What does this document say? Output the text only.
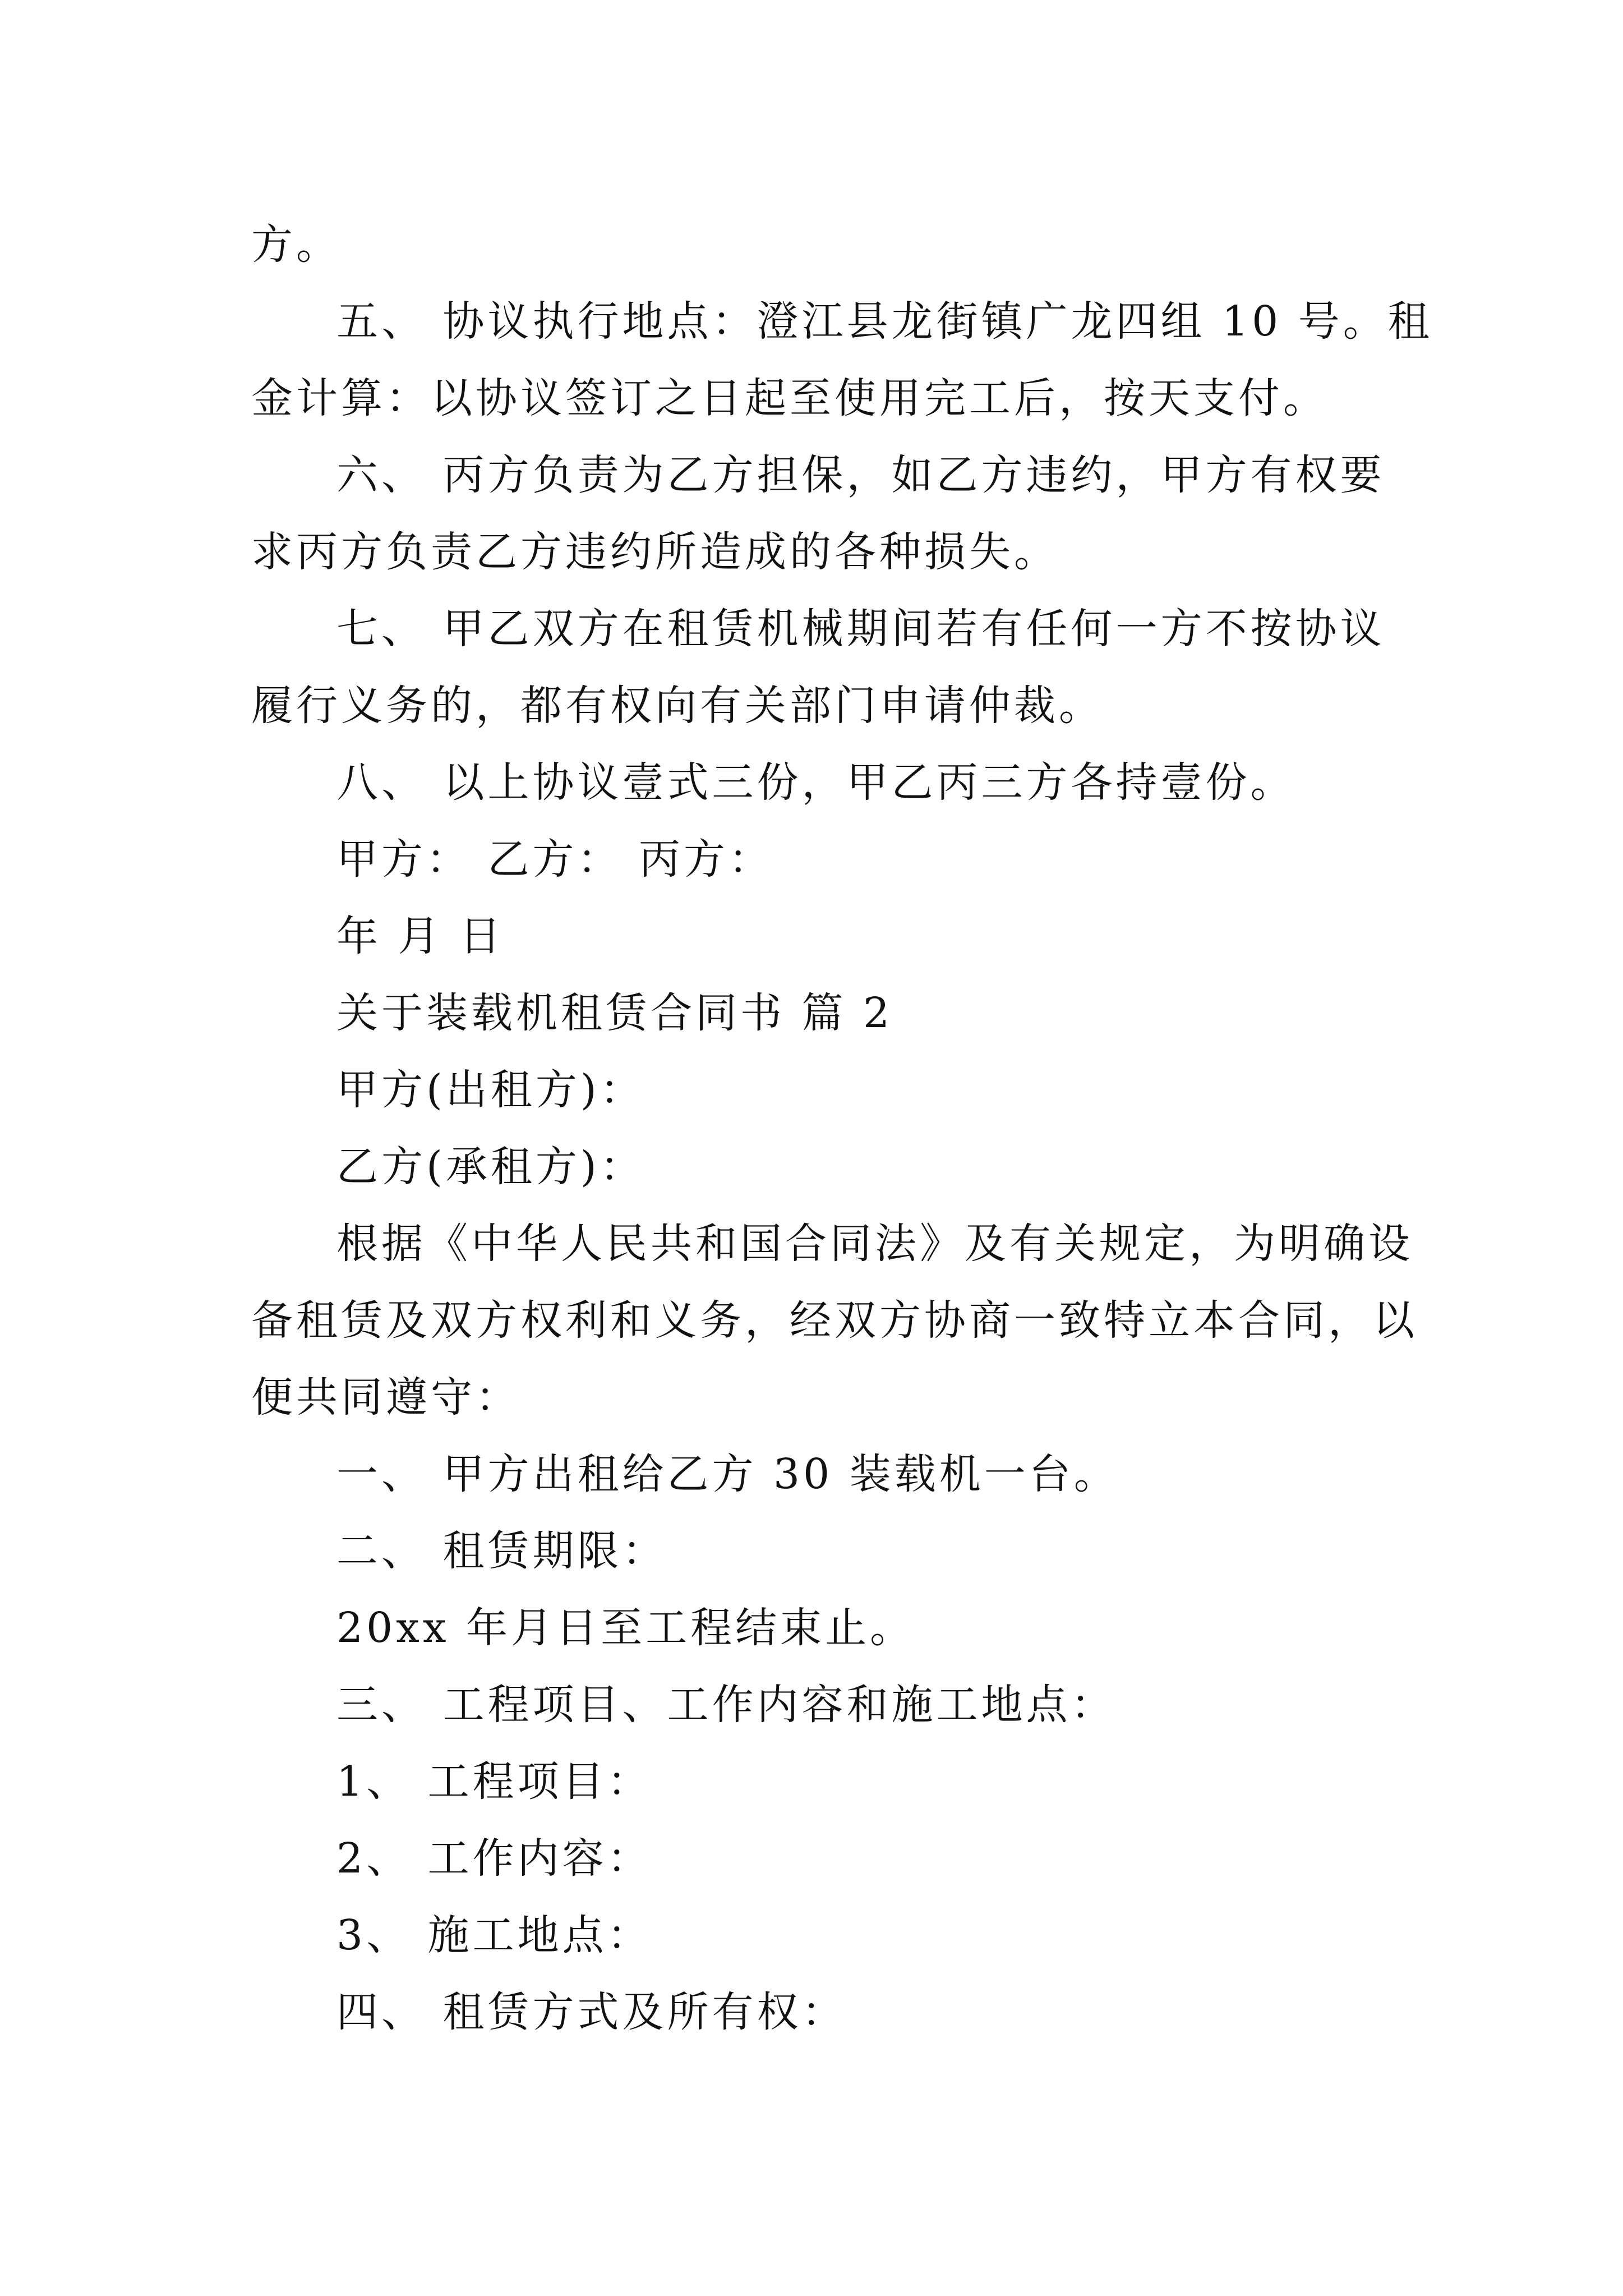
方。
五、 协议执行地点：澄江县龙街镇广龙四组 10 号。租
金计算：以协议签订之日起至使用完工后，按天支付。
六、 丙方负责为乙方担保，如乙方违约，甲方有权要
求丙方负责乙方违约所造成的各种损失。
七、 甲乙双方在租赁机械期间若有任何一方不按协议
履行义务的，都有权向有关部门申请仲裁。
八、 以上协议壹式三份，甲乙丙三方各持壹份。
甲方： 乙方： 丙方：
年 月 日
关于装载机租赁合同书 篇 2
甲方(出租方)：
乙方(承租方)：
根据《中华人民共和国合同法》及有关规定，为明确设
备租赁及双方权利和义务，经双方协商一致特立本合同，以
便共同遵守：
一、 甲方出租给乙方 30 装载机一台。
二、 租赁期限：
20xx 年月日至工程结束止。
三、 工程项目、工作内容和施工地点：
1、 工程项目：
2、 工作内容：
3、 施工地点：
四、 租赁方式及所有权：
